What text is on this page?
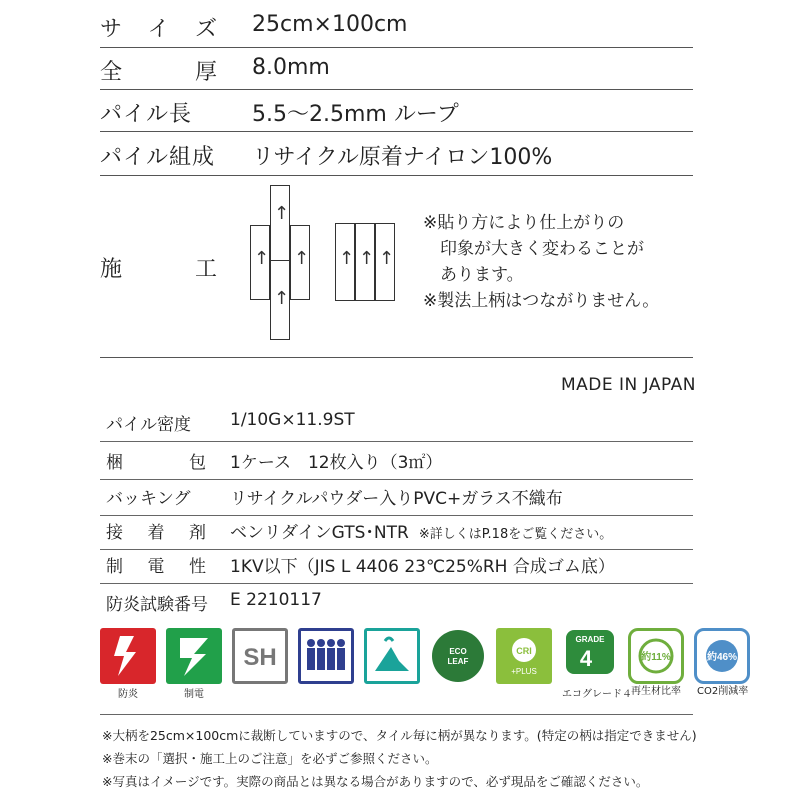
サ イ ズ 25cm×100cm
全	厚 8.0mm
パイル長	5.5〜2.5mm ループ
パイル組成 リサイクル原着ナイロン100%
施	工
↑
↑ ↑
↑
↑ ↑ ↑
※貼り方により仕上がりの
　印象が大きく変わることが
　あります。
※製法上柄はつながりません。
MADE IN JAPAN
パイル密度 1/10G×11.9ST
梱	包 1ケース　12枚入り（3㎡）
バッキング リサイクルパウダー入りPVC+ガラス不織布
接 着 剤 ベンリダインGTS･NTR ※詳しくはP.18をご覧ください。
制 電 性 1KV以下（JIS L 4406 23℃25%RH 合成ゴム底）
防炎試験番号 E 2210117
防炎	制電
SH	ECO
LEAF
CRI
+PLUS
GRADE
4
エコグレード４
約11%
再生材比率
約46%
CO2削減率
※大柄を25cm×100cmに裁断していますので、タイル毎に柄が異なります。(特定の柄は指定できません)
※巻末の「選択・施工上のご注意」を必ずご参照ください。
※写真はイメージです。実際の商品とは異なる場合がありますので、必ず現品をご確認ください。
